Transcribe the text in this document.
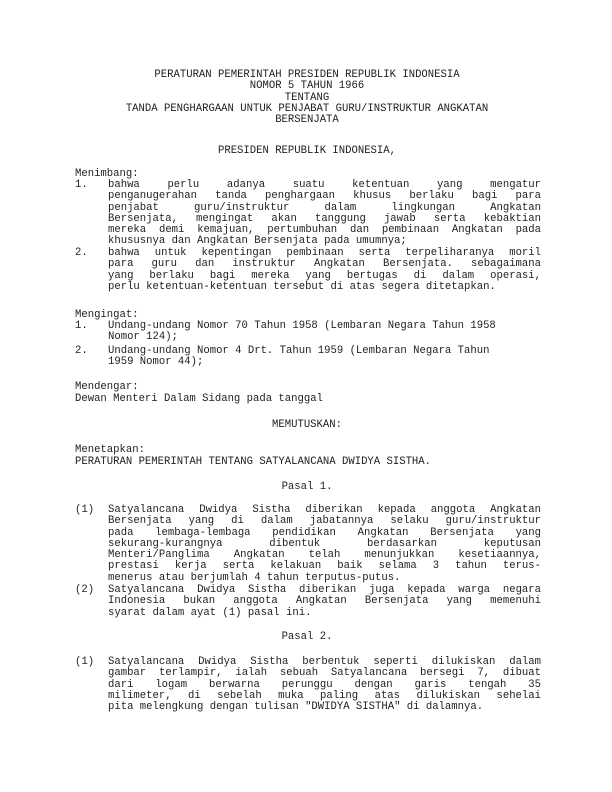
PERATURAN PEMERINTAH PRESIDEN REPUBLIK INDONESIA

NOMOR 5 TAHUN 1966

TENTANG

TANDA PENGHARGAAN UNTUK PENJABAT GURU/INSTRUKTUR ANGKATAN

BERSENJATA

PRESIDEN REPUBLIK INDONESIA,

Menimbang:

1. bahwa perlu adanya suatu ketentuan yang mengatur
penganugerahan tanda penghargaan khusus berlaku bagi para
penjabat guru/instruktur dalam lingkungan Angkatan
Bersenjata, mengingat akan tanggung jawab serta kebaktian
mereka demi kemajuan, pertumbuhan dan pembinaan Angkatan pada
khususnya dan Angkatan Bersenjata pada umumnya;
2. bahwa untuk kepentingan pembinaan serta terpeliharanya moril
para guru dan instruktur Angkatan Bersenjata. sebagaimana
yang berlaku bagi mereka yang bertugas di dalam operasi,
perlu ketentuan-ketentuan tersebut di atas segera ditetapkan.

Mengingat:

1. Undang-undang Nomor 70 Tahun 1958 (Lembaran Negara Tahun 1958
Nomor 124);
2. Undang-undang Nomor 4 Drt. Tahun 1959 (Lembaran Negara Tahun
1959 Nomor 44);

Mendengar:

Dewan Menteri Dalam Sidang pada tanggal

MEMUTUSKAN:

Menetapkan:

PERATURAN PEMERINTAH TENTANG SATYALANCANA DWIDYA SISTHA.

Pasal 1.

(1) Satyalancana Dwidya Sistha diberikan kepada anggota Angkatan
Bersenjata yang di dalam jabatannya selaku guru/instruktur
pada lembaga-lembaga pendidikan Angkatan Bersenjata yang
sekurang-kurangnya dibentuk berdasarkan keputusan
Menteri/Panglima Angkatan telah menunjukkan kesetiaannya,
prestasi kerja serta kelakuan baik selama 3 tahun terus-
menerus atau berjumlah 4 tahun terputus-putus.
(2) Satyalancana Dwidya Sistha diberikan juga kepada warga negara
Indonesia bukan anggota Angkatan Bersenjata yang memenuhi
syarat dalam ayat (1) pasal ini.

Pasal 2.

(1) Satyalancana Dwidya Sistha berbentuk seperti dilukiskan dalam
gambar terlampir, ialah sebuah Satyalancana bersegi 7, dibuat
dari logam berwarna perunggu dengan garis tengah 35
milimeter, di sebelah muka paling atas dilukiskan sehelai
pita melengkung dengan tulisan "DWIDYA SISTHA" di dalamnya.
